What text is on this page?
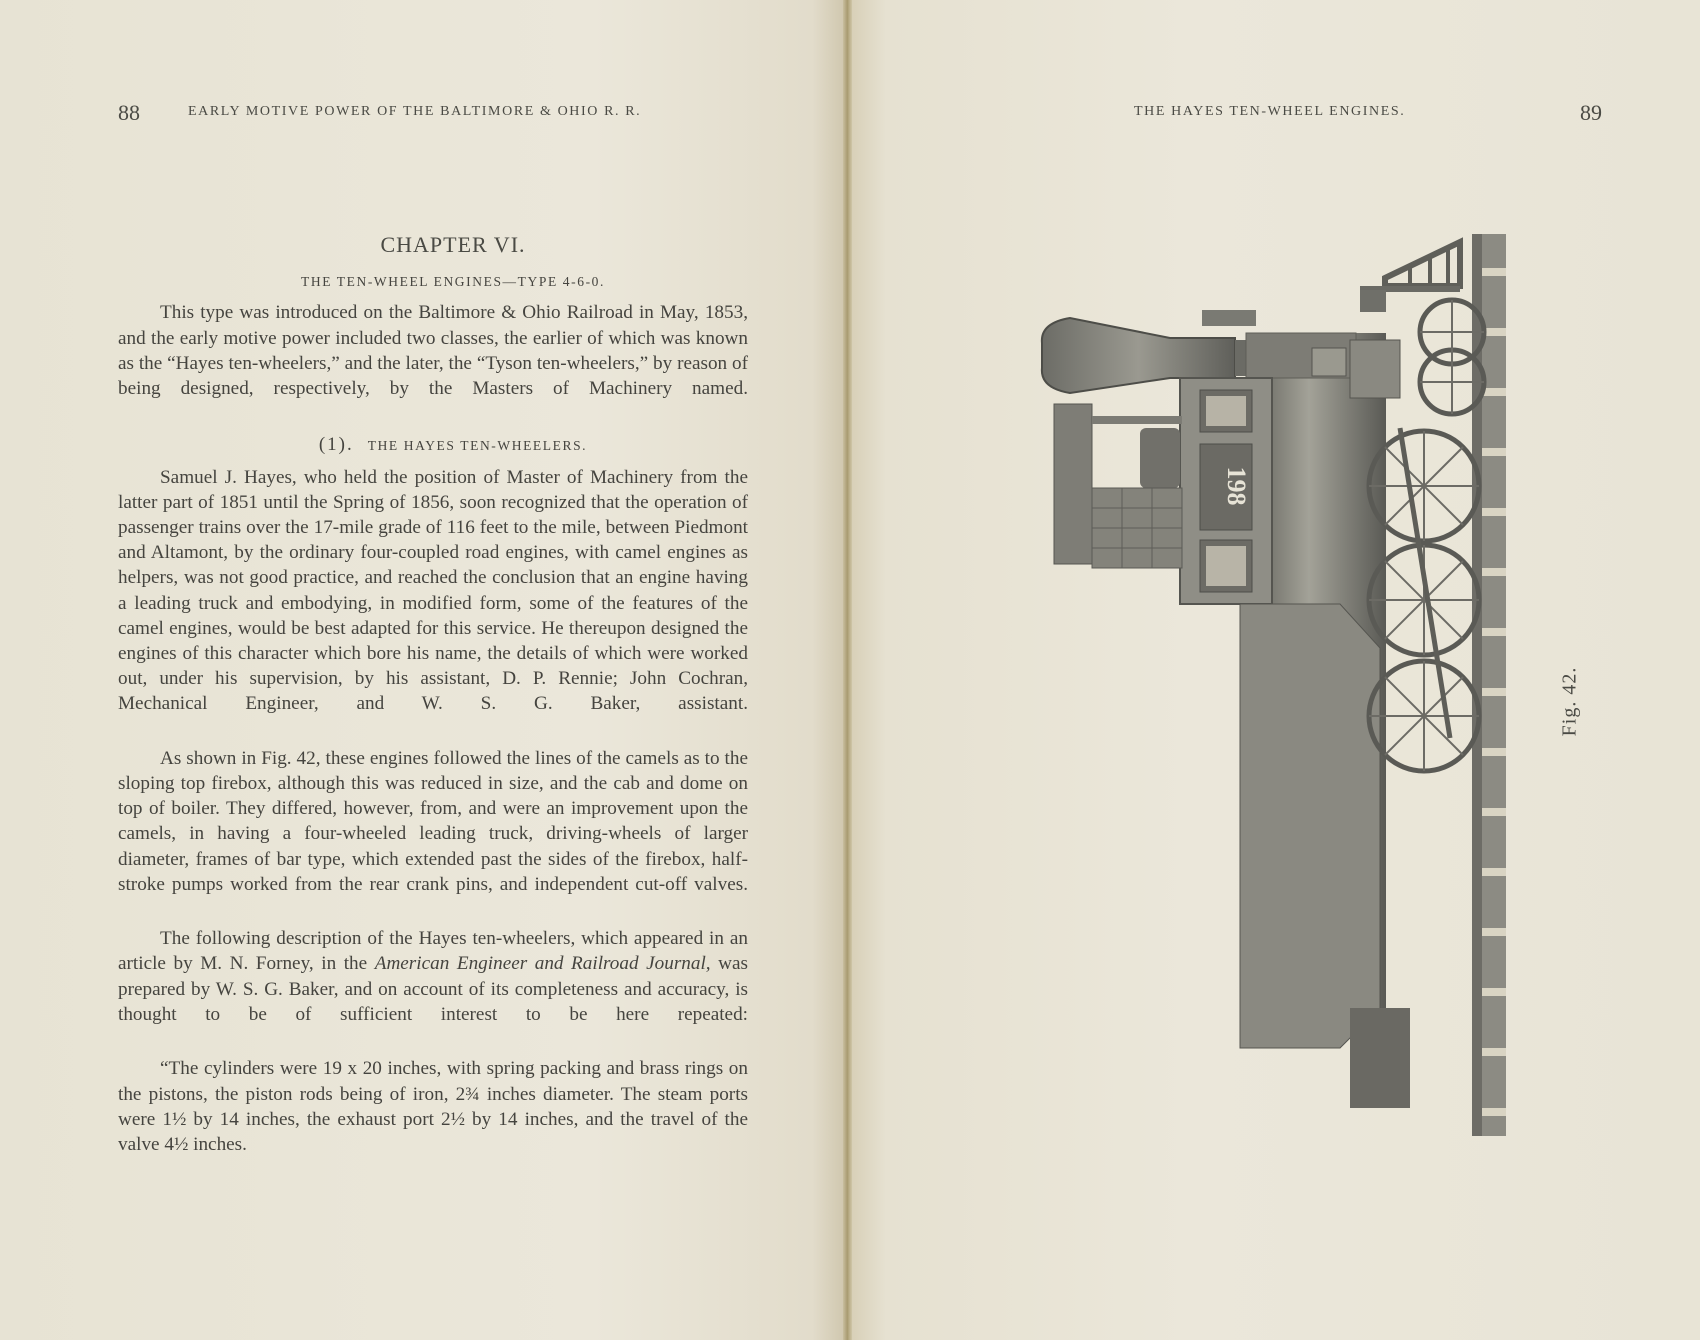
88	EARLY MOTIVE POWER OF THE BALTIMORE & OHIO R. R.
CHAPTER VI.
THE TEN-WHEEL ENGINES—TYPE 4-6-0.

This type was introduced on the Baltimore & Ohio Railroad in May, 1853, and the early motive power included two classes, the earlier of which was known as the “Hayes ten-wheelers,” and the later, the “Tyson ten-wheelers,” by reason of being designed, respectively, by the Masters of Machinery named.

(1). THE HAYES TEN-WHEELERS.

Samuel J. Hayes, who held the position of Master of Machinery from the latter part of 1851 until the Spring of 1856, soon recognized that the operation of passenger trains over the 17-mile grade of 116 feet to the mile, between Piedmont and Altamont, by the ordinary four-coupled road engines, with camel engines as helpers, was not good practice, and reached the conclusion that an engine having a leading truck and embodying, in modified form, some of the features of the camel engines, would be best adapted for this service. He thereupon designed the engines of this character which bore his name, the details of which were worked out, under his supervision, by his assistant, D. P. Rennie; John Cochran, Mechanical Engineer, and W. S. G. Baker, assistant.

As shown in Fig. 42, these engines followed the lines of the camels as to the sloping top firebox, although this was reduced in size, and the cab and dome on top of boiler. They differed, however, from, and were an improvement upon the camels, in having a four-wheeled leading truck, driving-wheels of larger diameter, frames of bar type, which extended past the sides of the firebox, half-stroke pumps worked from the rear crank pins, and independent cut-off valves.

The following description of the Hayes ten-wheelers, which appeared in an article by M. N. Forney, in the American Engineer and Railroad Journal, was prepared by W. S. G. Baker, and on account of its completeness and accuracy, is thought to be of sufficient interest to be here repeated:

“The cylinders were 19 x 20 inches, with spring packing and brass rings on the pistons, the piston rods being of iron, 2¾ inches diameter. The steam ports were 1½ by 14 inches, the exhaust port 2½ by 14 inches, and the travel of the valve 4½ inches.

THE HAYES TEN-WHEEL ENGINES.	89
198
Fig. 42.
